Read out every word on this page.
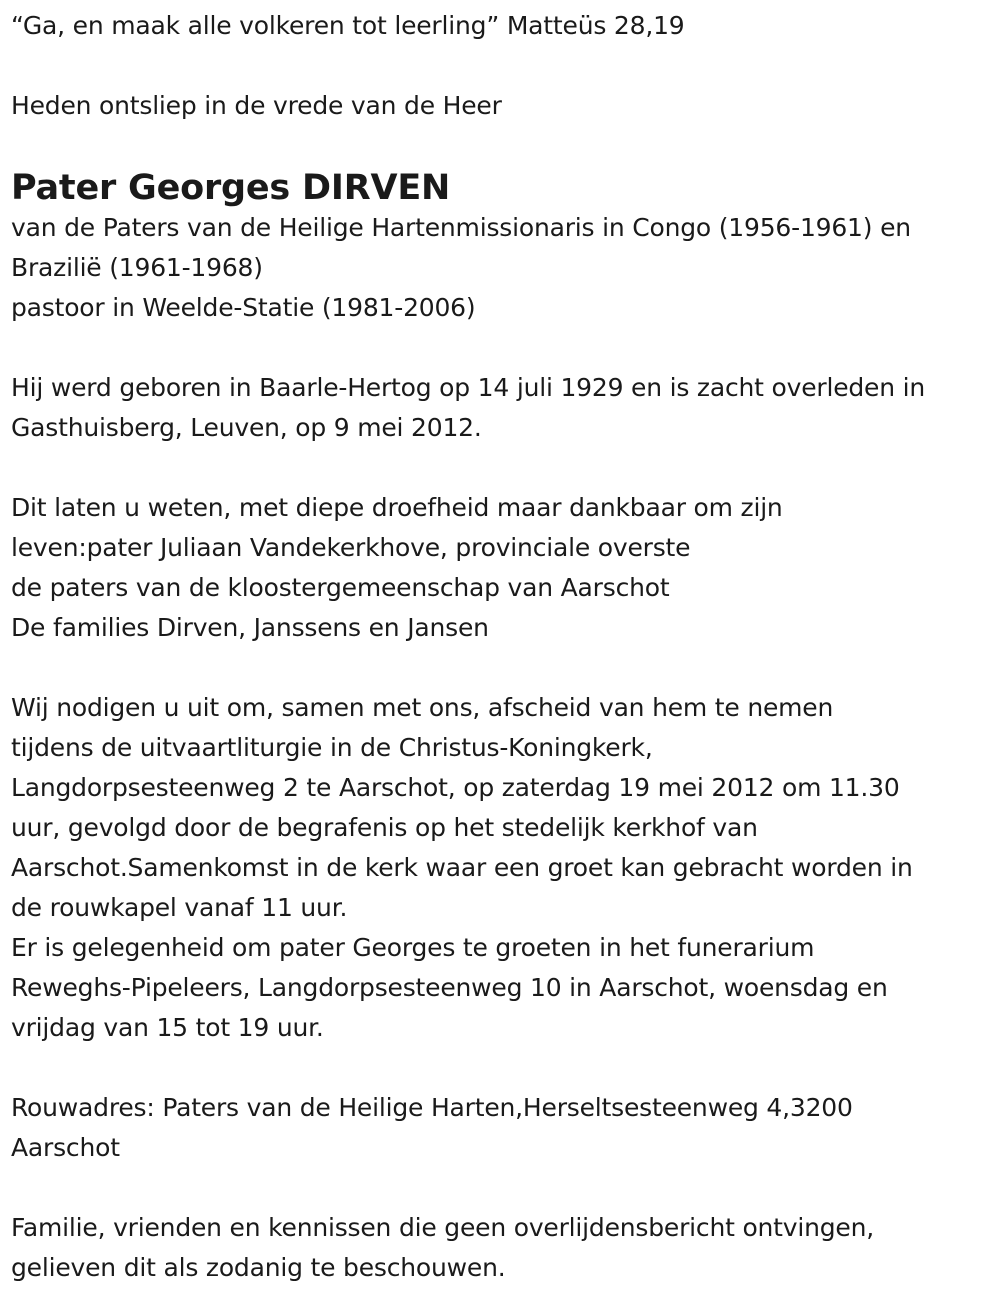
“Ga, en maak alle volkeren tot leerling” Matteüs 28,19
Heden ontsliep in de vrede van de Heer
Pater Georges DIRVEN
van de Paters van de Heilige Hartenmissionaris in Congo (1956-1961) en
Brazilië (1961-1968)
pastoor in Weelde-Statie (1981-2006)
Hij werd geboren in Baarle-Hertog op 14 juli 1929 en is zacht overleden in
Gasthuisberg, Leuven, op 9 mei 2012.
Dit laten u weten, met diepe droefheid maar dankbaar om zijn
leven:pater Juliaan Vandekerkhove, provinciale overste
de paters van de kloostergemeenschap van Aarschot
De families Dirven, Janssens en Jansen
Wij nodigen u uit om, samen met ons, afscheid van hem te nemen
tijdens de uitvaartliturgie in de Christus-Koningkerk,
Langdorpsesteenweg 2 te Aarschot, op zaterdag 19 mei 2012 om 11.30
uur, gevolgd door de begrafenis op het stedelijk kerkhof van
Aarschot.Samenkomst in de kerk waar een groet kan gebracht worden in
de rouwkapel vanaf 11 uur.
Er is gelegenheid om pater Georges te groeten in het funerarium
Reweghs-Pipeleers, Langdorpsesteenweg 10 in Aarschot, woensdag en
vrijdag van 15 tot 19 uur.
Rouwadres: Paters van de Heilige Harten,Herseltsesteenweg 4,3200
Aarschot
Familie, vrienden en kennissen die geen overlijdensbericht ontvingen,
gelieven dit als zodanig te beschouwen.
